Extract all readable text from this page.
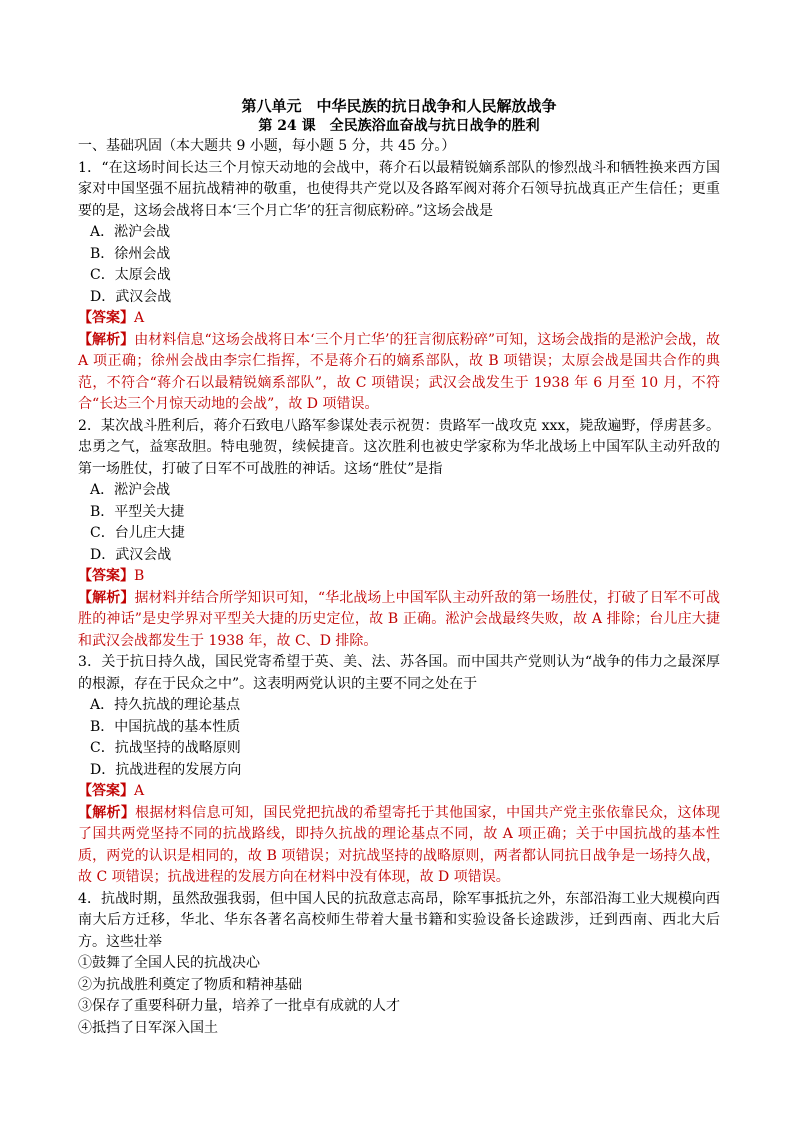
第八单元　中华民族的抗日战争和人民解放战争
第 24 课　全民族浴血奋战与抗日战争的胜利

一、基础巩固（本大题共 9 小题，每小题 5 分，共 45 分。）

1．“在这场时间长达三个月惊天动地的会战中，蒋介石以最精锐嫡系部队的惨烈战斗和牺牲换来西方国家对中国坚强不屈抗战精神的敬重，也使得共产党以及各路军阀对蒋介石领导抗战真正产生信任；更重要的是，这场会战将日本‘三个月亡华’的狂言彻底粉碎。”这场会战是

A．淞沪会战
B．徐州会战
C．太原会战
D．武汉会战
【答案】A
【解析】由材料信息“这场会战将日本‘三个月亡华’的狂言彻底粉碎”可知，这场会战指的是淞沪会战，故 A 项正确；徐州会战由李宗仁指挥，不是蒋介石的嫡系部队，故 B 项错误；太原会战是国共合作的典范，不符合“蒋介石以最精锐嫡系部队”，故 C 项错误；武汉会战发生于 1938 年 6 月至 10 月，不符合“长达三个月惊天动地的会战”，故 D 项错误。

2．某次战斗胜利后，蒋介石致电八路军参谋处表示祝贺：贵路军一战攻克 xxx，毙敌遍野，俘虏甚多。忠勇之气，益寒敌胆。特电驰贺，续候捷音。这次胜利也被史学家称为华北战场上中国军队主动歼敌的第一场胜仗，打破了日军不可战胜的神话。这场“胜仗”是指

A．淞沪会战
B．平型关大捷
C．台儿庄大捷
D．武汉会战
【答案】B
【解析】据材料并结合所学知识可知，“华北战场上中国军队主动歼敌的第一场胜仗，打破了日军不可战胜的神话”是史学界对平型关大捷的历史定位，故 B 正确。淞沪会战最终失败，故 A 排除；台儿庄大捷和武汉会战都发生于 1938 年，故 C、D 排除。

3．关于抗日持久战，国民党寄希望于英、美、法、苏各国。而中国共产党则认为“战争的伟力之最深厚的根源，存在于民众之中”。这表明两党认识的主要不同之处在于

A．持久抗战的理论基点
B．中国抗战的基本性质
C．抗战坚持的战略原则
D．抗战进程的发展方向
【答案】A
【解析】根据材料信息可知，国民党把抗战的希望寄托于其他国家，中国共产党主张依靠民众，这体现了国共两党坚持不同的抗战路线，即持久抗战的理论基点不同，故 A 项正确；关于中国抗战的基本性质，两党的认识是相同的，故 B 项错误；对抗战坚持的战略原则，两者都认同抗日战争是一场持久战，故 C 项错误；抗战进程的发展方向在材料中没有体现，故 D 项错误。

4．抗战时期，虽然敌强我弱，但中国人民的抗敌意志高昂，除军事抵抗之外，东部沿海工业大规模向西南大后方迁移，华北、华东各著名高校师生带着大量书籍和实验设备长途跋涉，迁到西南、西北大后方。这些壮举

①鼓舞了全国人民的抗战决心
②为抗战胜利奠定了物质和精神基础
③保存了重要科研力量，培养了一批卓有成就的人才
④抵挡了日军深入国土
